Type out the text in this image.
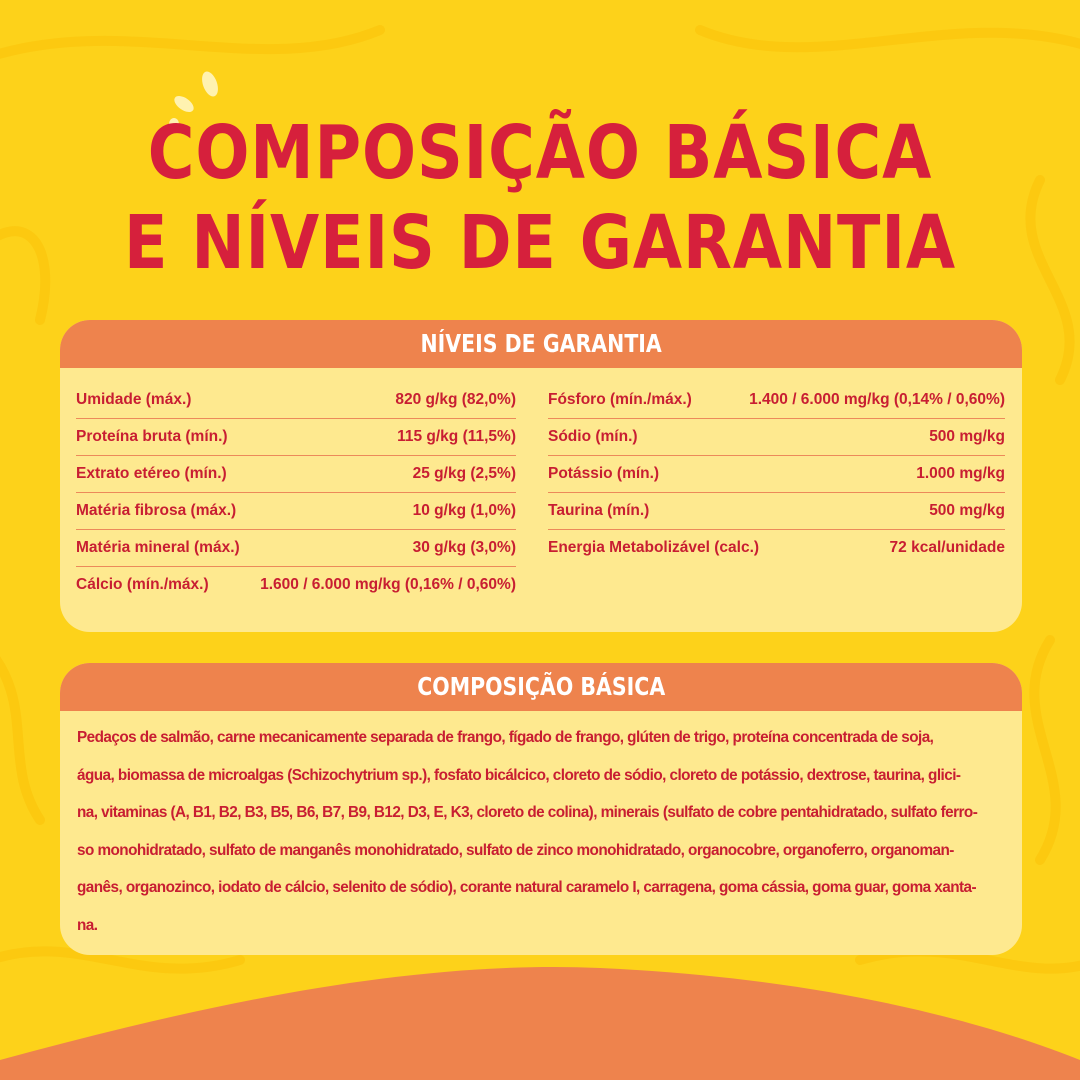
COMPOSIÇÃO BÁSICA
E NÍVEIS DE GARANTIA
NÍVEIS DE GARANTIA
Umidade (máx.)	820 g/kg (82,0%)
Proteína bruta (mín.)	115 g/kg (11,5%)
Extrato etéreo (mín.)	25 g/kg (2,5%)
Matéria fibrosa (máx.)	10 g/kg (1,0%)
Matéria mineral (máx.)	30 g/kg (3,0%)
Cálcio (mín./máx.)	1.600 / 6.000 mg/kg (0,16% / 0,60%)
Fósforo (mín./máx.)	1.400 / 6.000 mg/kg (0,14% / 0,60%)
Sódio (mín.)	500 mg/kg
Potássio (mín.)	1.000 mg/kg
Taurina (mín.)	500 mg/kg
Energia Metabolizável (calc.)	72 kcal/unidade
COMPOSIÇÃO BÁSICA
Pedaços de salmão, carne mecanicamente separada de frango, fígado de frango, glúten de trigo, proteína concentrada de soja,
água, biomassa de microalgas (Schizochytrium sp.), fosfato bicálcico, cloreto de sódio, cloreto de potássio, dextrose, taurina, glici-
na, vitaminas (A, B1, B2, B3, B5, B6, B7, B9, B12, D3, E, K3, cloreto de colina), minerais (sulfato de cobre pentahidratado, sulfato ferro-
so monohidratado, sulfato de manganês monohidratado, sulfato de zinco monohidratado, organocobre, organoferro, organoman-
ganês, organozinco, iodato de cálcio, selenito de sódio), corante natural caramelo I, carragena, goma cássia, goma guar, goma xanta-
na.
